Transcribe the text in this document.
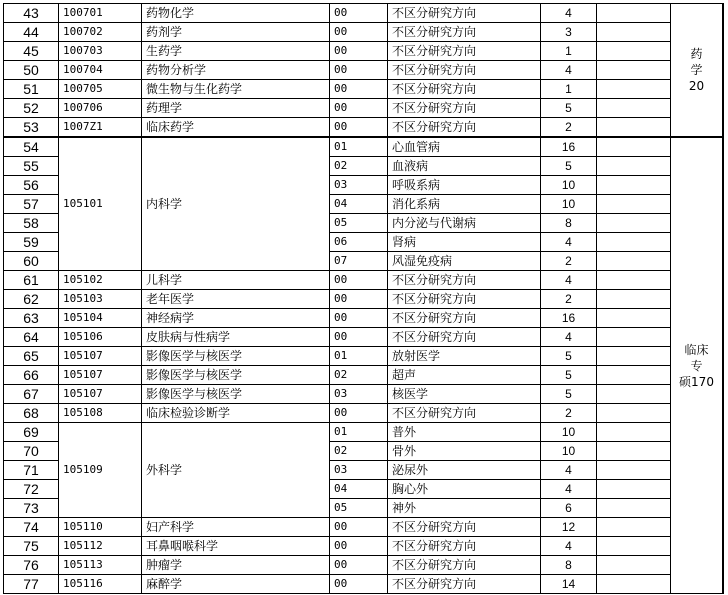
43	100701	药物化学	00	不区分研究方向	4		药
学
20	
44	100702	药剂学	00	不区分研究方向	3			
45	100703	生药学	00	不区分研究方向	1			
50	100704	药物分析学	00	不区分研究方向	4			
51	100705	微生物与生化药学	00	不区分研究方向	1			
52	100706	药理学	00	不区分研究方向	5			
53	1007Z1	临床药学	00	不区分研究方向	2			
54	105101	内科学	01	心血管病	16		临床
专
硕170	
55			02	血液病	5			
56			03	呼吸系病	10			
57			04	消化系病	10			
58			05	内分泌与代谢病	8			
59			06	肾病	4			
60			07	风湿免疫病	2			
61	105102	儿科学	00	不区分研究方向	4			
62	105103	老年医学	00	不区分研究方向	2			
63	105104	神经病学	00	不区分研究方向	16			
64	105106	皮肤病与性病学	00	不区分研究方向	4			
65	105107	影像医学与核医学	01	放射医学	5			
66	105107	影像医学与核医学	02	超声	5			
67	105107	影像医学与核医学	03	核医学	5			
68	105108	临床检验诊断学	00	不区分研究方向	2			
69	105109	外科学	01	普外	10			
70			02	骨外	10			
71			03	泌尿外	4			
72			04	胸心外	4			
73			05	神外	6			
74	105110	妇产科学	00	不区分研究方向	12			
75	105112	耳鼻咽喉科学	00	不区分研究方向	4			
76	105113	肿瘤学	00	不区分研究方向	8			
77	105116	麻醉学	00	不区分研究方向	14			
